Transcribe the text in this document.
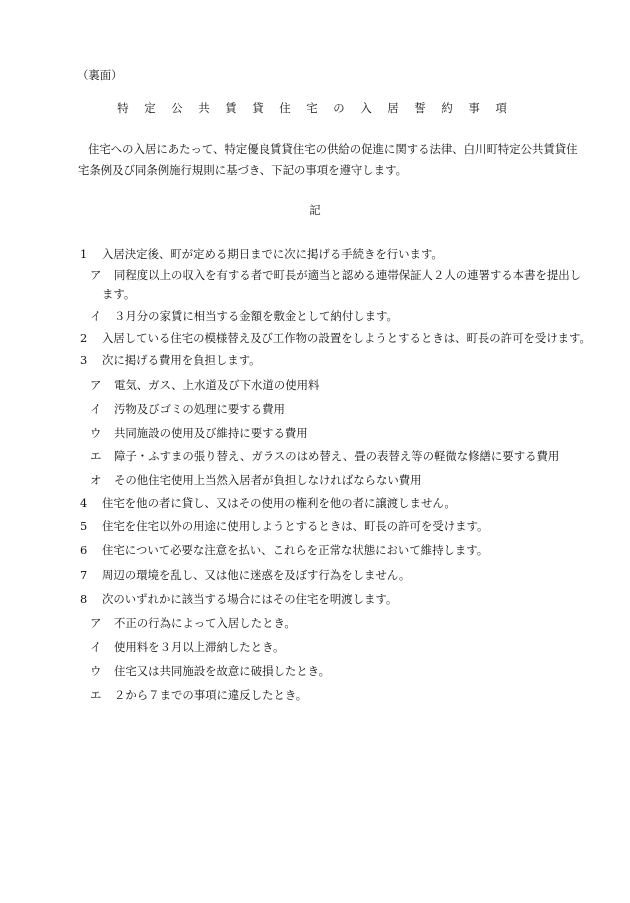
（裏面）
特 定 公 共 賃 貸 住 宅 の 入 居 誓 約 事 項
住宅への入居にあたって、特定優良賃貸住宅の供給の促進に関する法律、白川町特定公共賃貸住
宅条例及び同条例施行規則に基づき、下記の事項を遵守します。
記
1 入居決定後、町が定める期日までに次に掲げる手続きを行います。
ア 同程度以上の収入を有する者で町長が適当と認める連帯保証人２人の連署する本書を提出し
ます。
イ ３月分の家賃に相当する金額を敷金として納付します。
2 入居している住宅の模様替え及び工作物の設置をしようとするときは、町長の許可を受けます。
3 次に掲げる費用を負担します。
ア 電気、ガス、上水道及び下水道の使用料
イ 汚物及びゴミの処理に要する費用
ウ 共同施設の使用及び維持に要する費用
エ 障子・ふすまの張り替え、ガラスのはめ替え、畳の表替え等の軽微な修繕に要する費用
オ その他住宅使用上当然入居者が負担しなければならない費用
4 住宅を他の者に貸し、又はその使用の権利を他の者に譲渡しません。
5 住宅を住宅以外の用途に使用しようとするときは、町長の許可を受けます。
6 住宅について必要な注意を払い、これらを正常な状態において維持します。
7 周辺の環境を乱し、又は他に迷惑を及ぼす行為をしません。
8 次のいずれかに該当する場合にはその住宅を明渡します。
ア 不正の行為によって入居したとき。
イ 使用料を３月以上滞納したとき。
ウ 住宅又は共同施設を故意に破損したとき。
エ ２から７までの事項に違反したとき。
